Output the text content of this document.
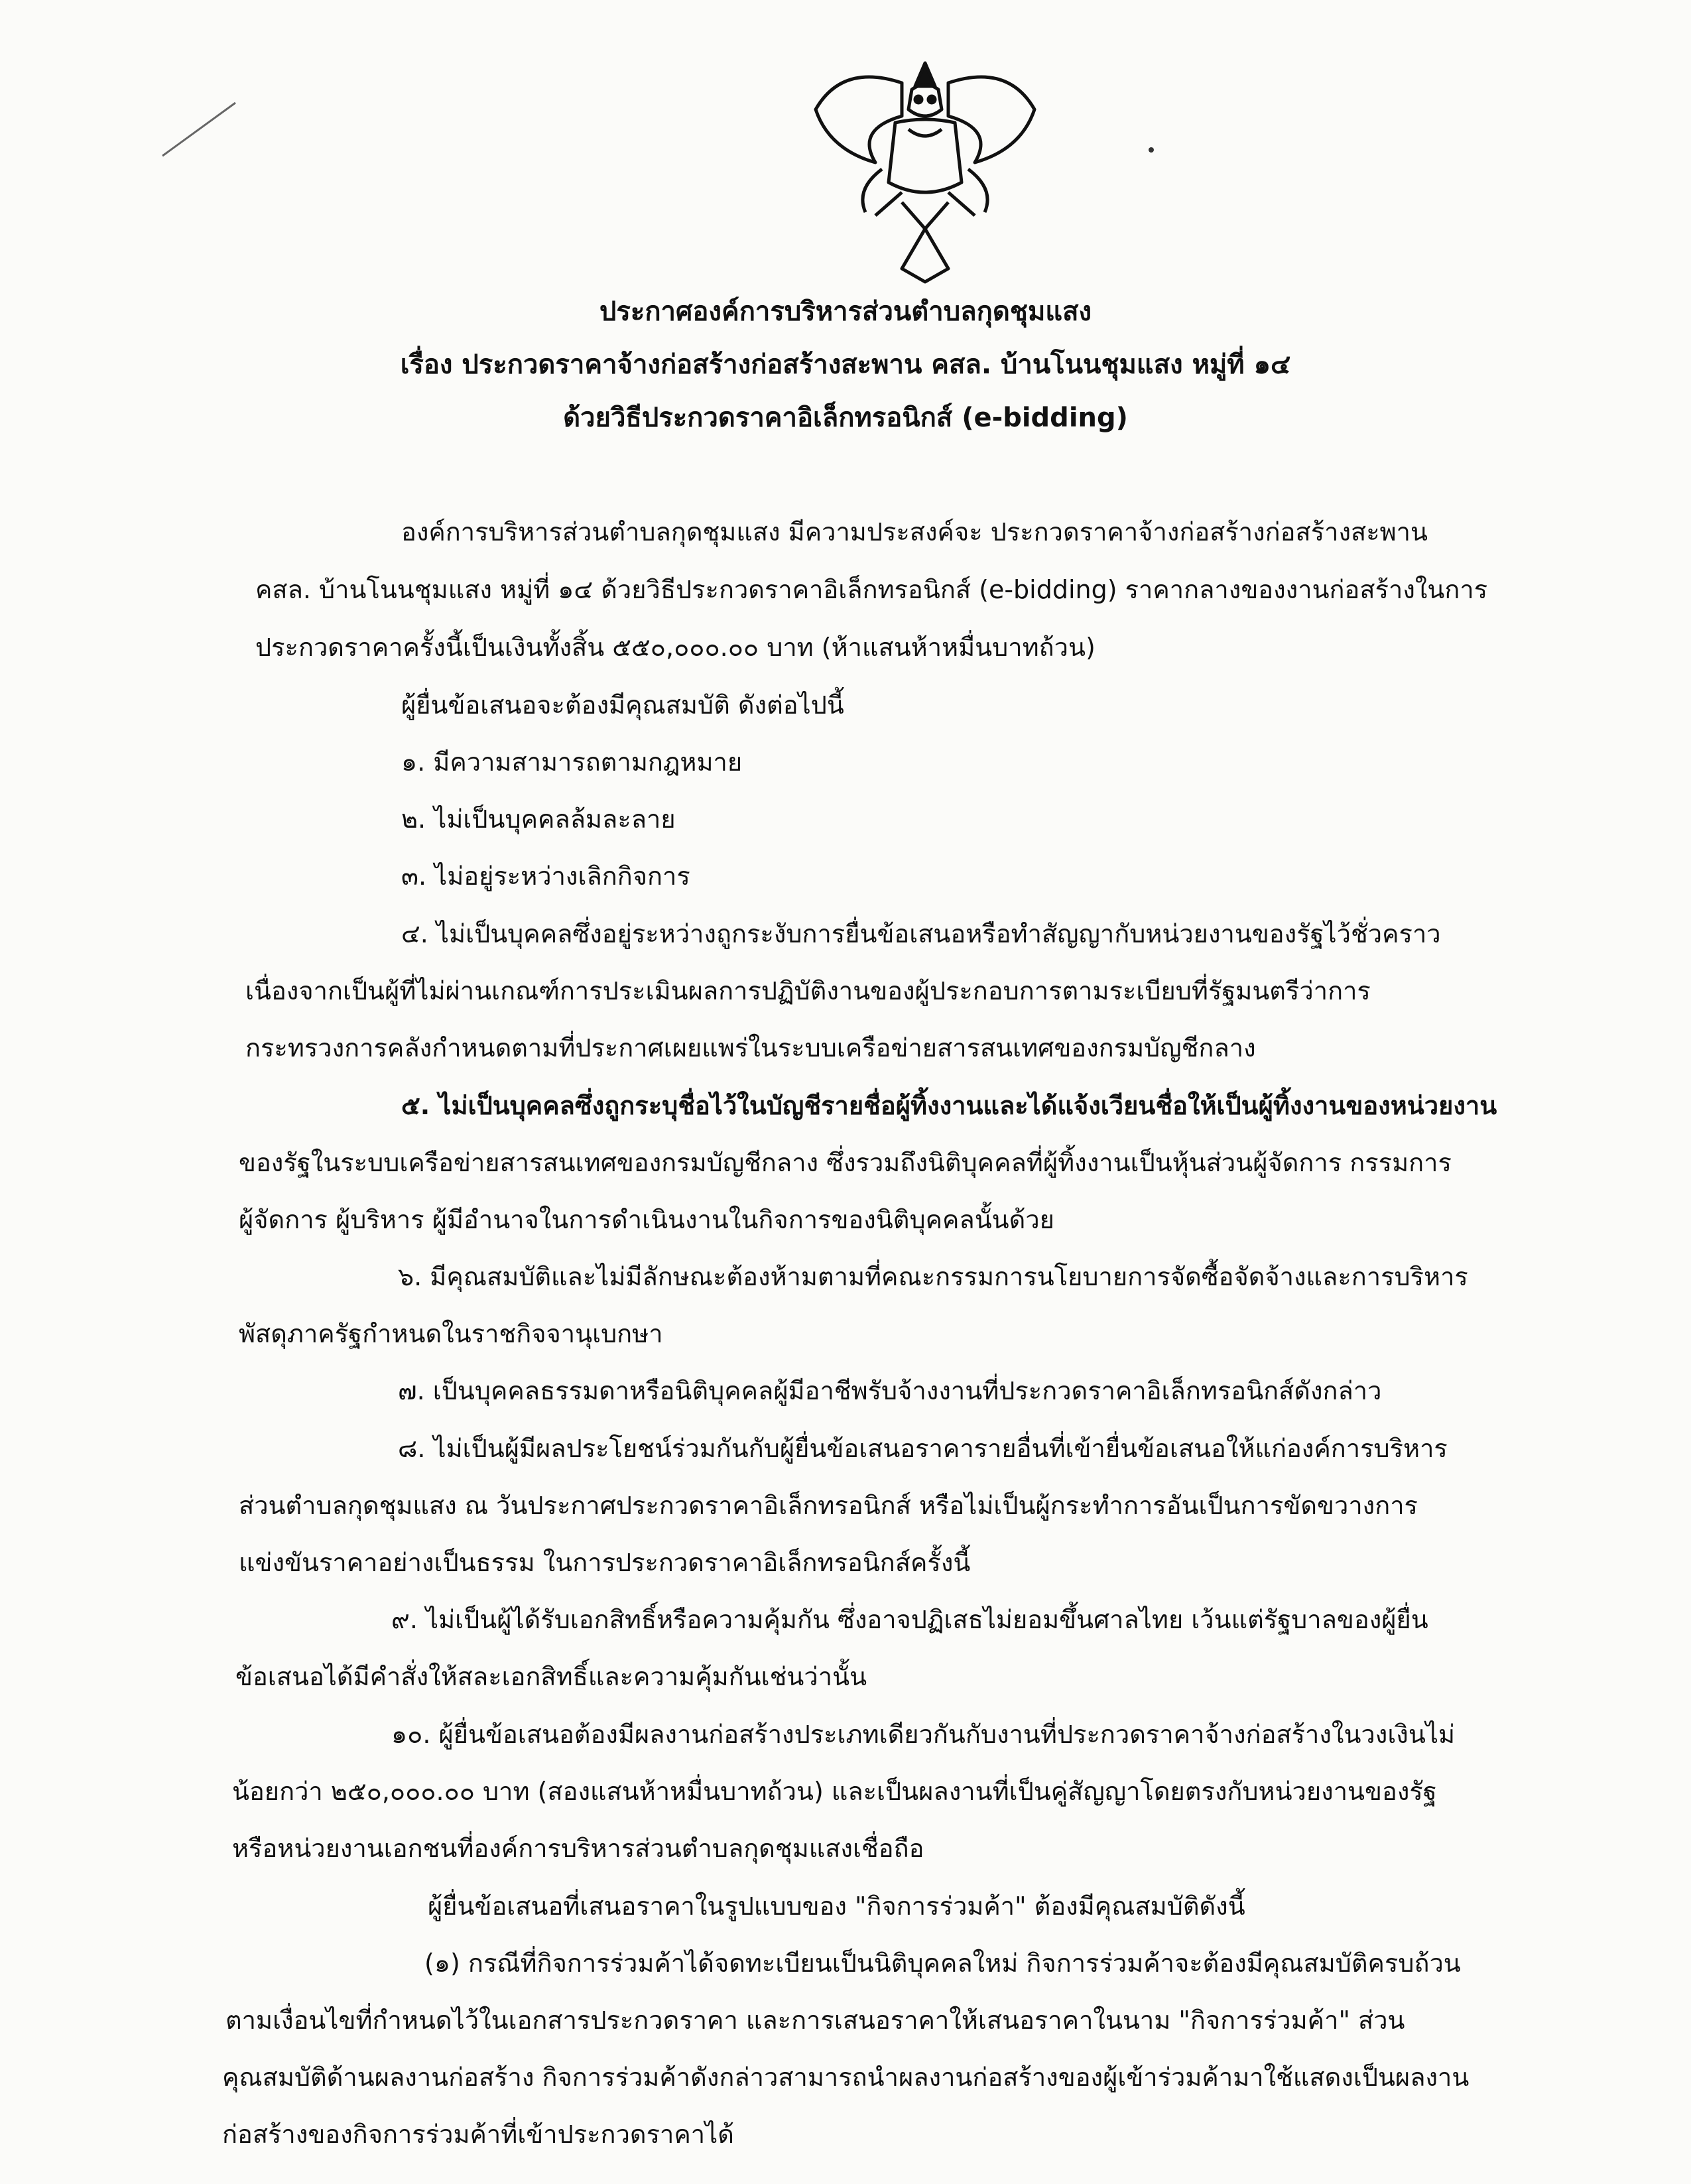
ประกาศองค์การบริหารส่วนตำบลกุดชุมแสง
เรื่อง ประกวดราคาจ้างก่อสร้างก่อสร้างสะพาน คสล. บ้านโนนชุมแสง หมู่ที่ ๑๔
ด้วยวิธีประกวดราคาอิเล็กทรอนิกส์ (e-bidding)
องค์การบริหารส่วนตำบลกุดชุมแสง มีความประสงค์จะ ประกวดราคาจ้างก่อสร้างก่อสร้างสะพาน
คสล. บ้านโนนชุมแสง หมู่ที่ ๑๔ ด้วยวิธีประกวดราคาอิเล็กทรอนิกส์ (e-bidding) ราคากลางของงานก่อสร้างในการ
ประกวดราคาครั้งนี้เป็นเงินทั้งสิ้น ๕๕๐,๐๐๐.๐๐ บาท (ห้าแสนห้าหมื่นบาทถ้วน)
ผู้ยื่นข้อเสนอจะต้องมีคุณสมบัติ ดังต่อไปนี้
๑. มีความสามารถตามกฎหมาย
๒. ไม่เป็นบุคคลล้มละลาย
๓. ไม่อยู่ระหว่างเลิกกิจการ
๔. ไม่เป็นบุคคลซึ่งอยู่ระหว่างถูกระงับการยื่นข้อเสนอหรือทำสัญญากับหน่วยงานของรัฐไว้ชั่วคราว
เนื่องจากเป็นผู้ที่ไม่ผ่านเกณฑ์การประเมินผลการปฏิบัติงานของผู้ประกอบการตามระเบียบที่รัฐมนตรีว่าการ
กระทรวงการคลังกำหนดตามที่ประกาศเผยแพร่ในระบบเครือข่ายสารสนเทศของกรมบัญชีกลาง
๕. ไม่เป็นบุคคลซึ่งถูกระบุชื่อไว้ในบัญชีรายชื่อผู้ทิ้งงานและได้แจ้งเวียนชื่อให้เป็นผู้ทิ้งงานของหน่วยงาน
ของรัฐในระบบเครือข่ายสารสนเทศของกรมบัญชีกลาง ซึ่งรวมถึงนิติบุคคลที่ผู้ทิ้งงานเป็นหุ้นส่วนผู้จัดการ กรรมการ
ผู้จัดการ ผู้บริหาร ผู้มีอำนาจในการดำเนินงานในกิจการของนิติบุคคลนั้นด้วย
๖. มีคุณสมบัติและไม่มีลักษณะต้องห้ามตามที่คณะกรรมการนโยบายการจัดซื้อจัดจ้างและการบริหาร
พัสดุภาครัฐกำหนดในราชกิจจานุเบกษา
๗. เป็นบุคคลธรรมดาหรือนิติบุคคลผู้มีอาชีพรับจ้างงานที่ประกวดราคาอิเล็กทรอนิกส์ดังกล่าว
๘. ไม่เป็นผู้มีผลประโยชน์ร่วมกันกับผู้ยื่นข้อเสนอราคารายอื่นที่เข้ายื่นข้อเสนอให้แก่องค์การบริหาร
ส่วนตำบลกุดชุมแสง ณ วันประกาศประกวดราคาอิเล็กทรอนิกส์ หรือไม่เป็นผู้กระทำการอันเป็นการขัดขวางการ
แข่งขันราคาอย่างเป็นธรรม ในการประกวดราคาอิเล็กทรอนิกส์ครั้งนี้
๙. ไม่เป็นผู้ได้รับเอกสิทธิ์หรือความคุ้มกัน ซึ่งอาจปฏิเสธไม่ยอมขึ้นศาลไทย เว้นแต่รัฐบาลของผู้ยื่น
ข้อเสนอได้มีคำสั่งให้สละเอกสิทธิ์และความคุ้มกันเช่นว่านั้น
๑๐. ผู้ยื่นข้อเสนอต้องมีผลงานก่อสร้างประเภทเดียวกันกับงานที่ประกวดราคาจ้างก่อสร้างในวงเงินไม่
น้อยกว่า ๒๕๐,๐๐๐.๐๐ บาท (สองแสนห้าหมื่นบาทถ้วน) และเป็นผลงานที่เป็นคู่สัญญาโดยตรงกับหน่วยงานของรัฐ
หรือหน่วยงานเอกชนที่องค์การบริหารส่วนตำบลกุดชุมแสงเชื่อถือ
ผู้ยื่นข้อเสนอที่เสนอราคาในรูปแบบของ "กิจการร่วมค้า" ต้องมีคุณสมบัติดังนี้
(๑) กรณีที่กิจการร่วมค้าได้จดทะเบียนเป็นนิติบุคคลใหม่ กิจการร่วมค้าจะต้องมีคุณสมบัติครบถ้วน
ตามเงื่อนไขที่กำหนดไว้ในเอกสารประกวดราคา และการเสนอราคาให้เสนอราคาในนาม "กิจการร่วมค้า" ส่วน
คุณสมบัติด้านผลงานก่อสร้าง กิจการร่วมค้าดังกล่าวสามารถนำผลงานก่อสร้างของผู้เข้าร่วมค้ามาใช้แสดงเป็นผลงาน
ก่อสร้างของกิจการร่วมค้าที่เข้าประกวดราคาได้
